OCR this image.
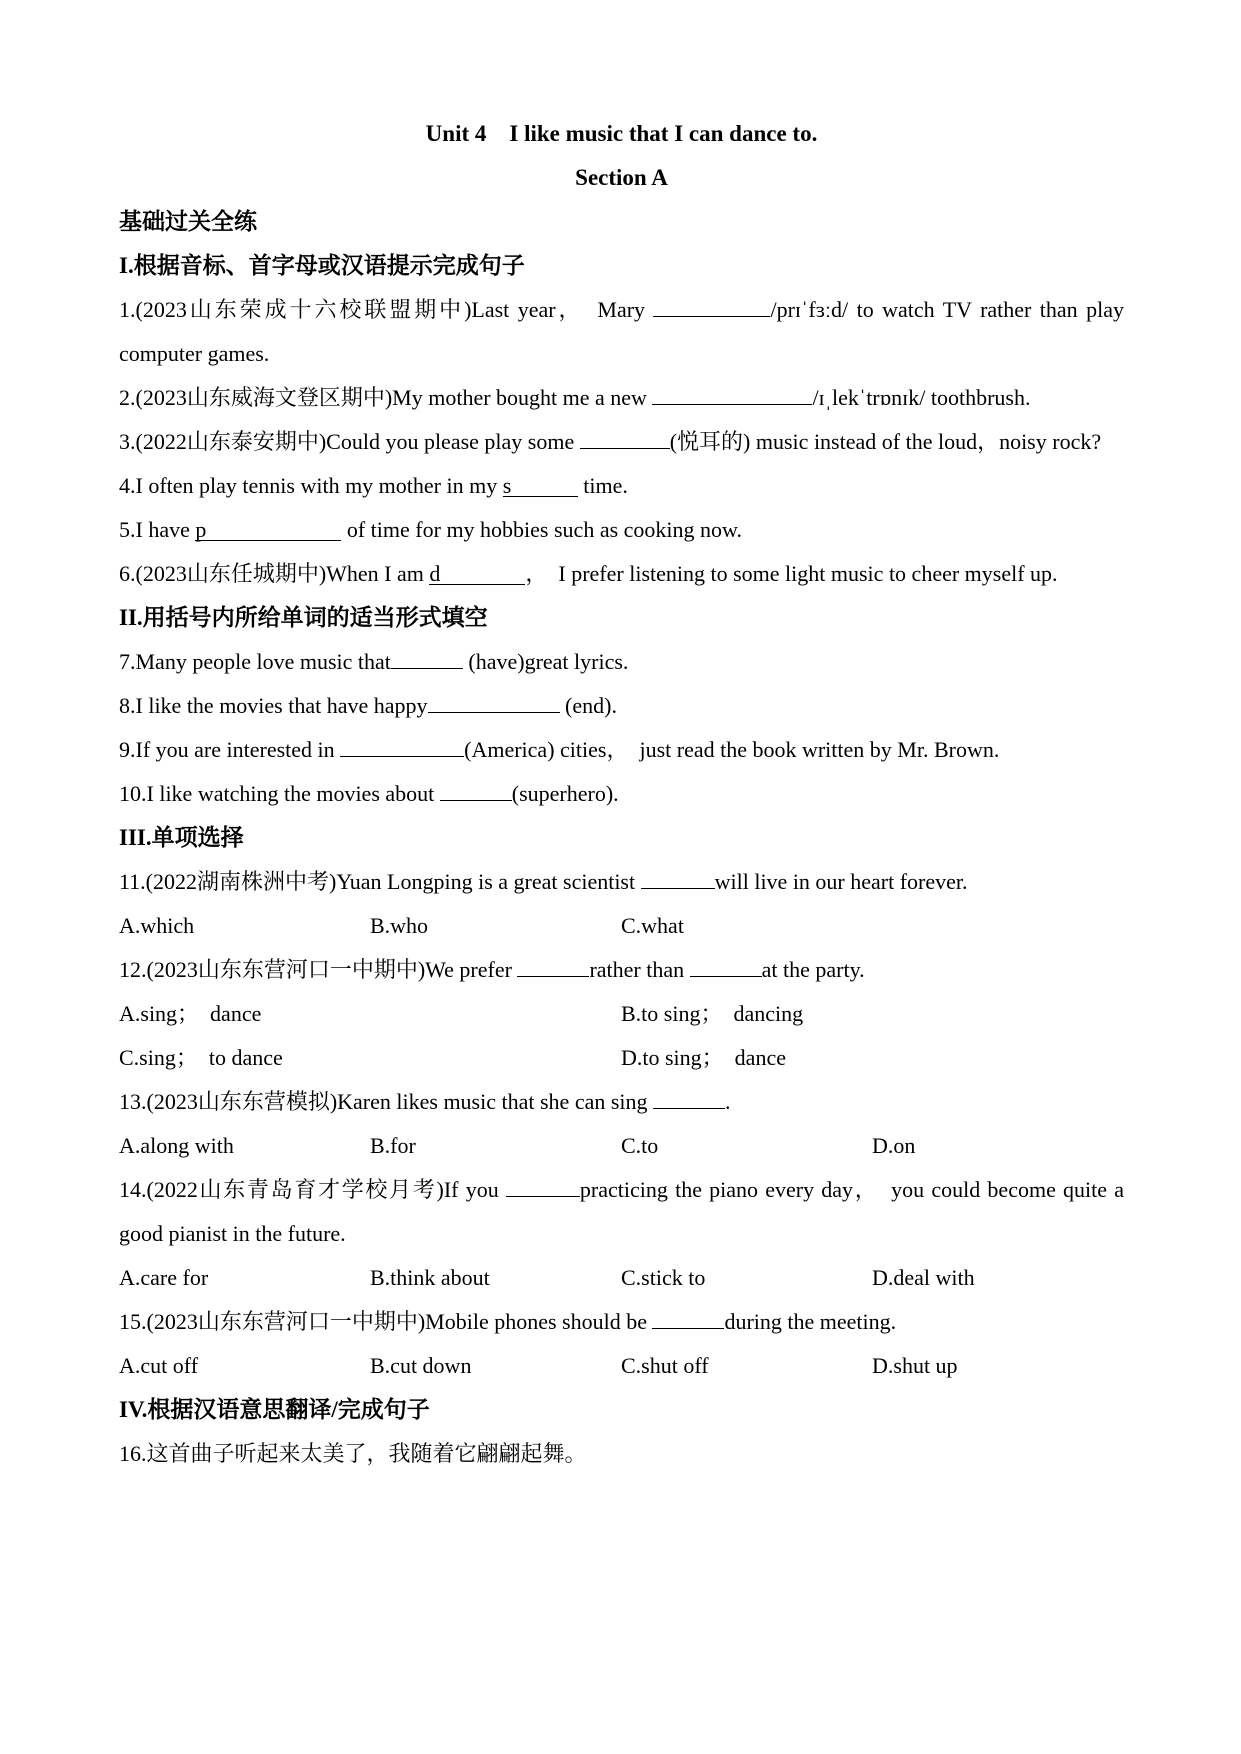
Unit 4　I like music that I can dance to.
Section A
基础过关全练
I.根据音标、首字母或汉语提示完成句子
1.(2023山东荣成十六校联盟期中)Last year，　Mary	/prɪˈfɜːd/ to watch TV rather than play computer games.
2.(2023山东威海文登区期中)My mother bought me a new	/ɪˌlekˈtrɒnɪk/ toothbrush.
3.(2022山东泰安期中)Could you please play some	(悦耳的) music instead of the loud，noisy rock?
4.I often play tennis with my mother in my s	time.
5.I have p	of time for my hobbies such as cooking now.
6.(2023山东任城期中)When I am d	，　I prefer listening to some light music to cheer myself up.
II.用括号内所给单词的适当形式填空
7.Many people love music that	(have)great lyrics.
8.I like the movies that have happy	(end).
9.If you are interested in	(America) cities，　just read the book written by Mr. Brown.
10.I like watching the movies about	(superhero).
III.单项选择
11.(2022湖南株洲中考)Yuan Longping is a great scientist	will live in our heart forever.
A.which	B.who	C.what
12.(2023山东东营河口一中期中)We prefer	rather than	at the party.
A.sing；　dance	B.to sing；　dancing
C.sing；　to dance	D.to sing；　dance
13.(2023山东东营模拟)Karen likes music that she can sing	.
A.along with	B.for	C.to	D.on
14.(2022山东青岛育才学校月考)If you	practicing the piano every day，　you could become quite a good pianist in the future.
A.care for	B.think about	C.stick to	D.deal with
15.(2023山东东营河口一中期中)Mobile phones should be	during the meeting.
A.cut off	B.cut down	C.shut off	D.shut up
IV.根据汉语意思翻译/完成句子
16.这首曲子听起来太美了，我随着它翩翩起舞。
